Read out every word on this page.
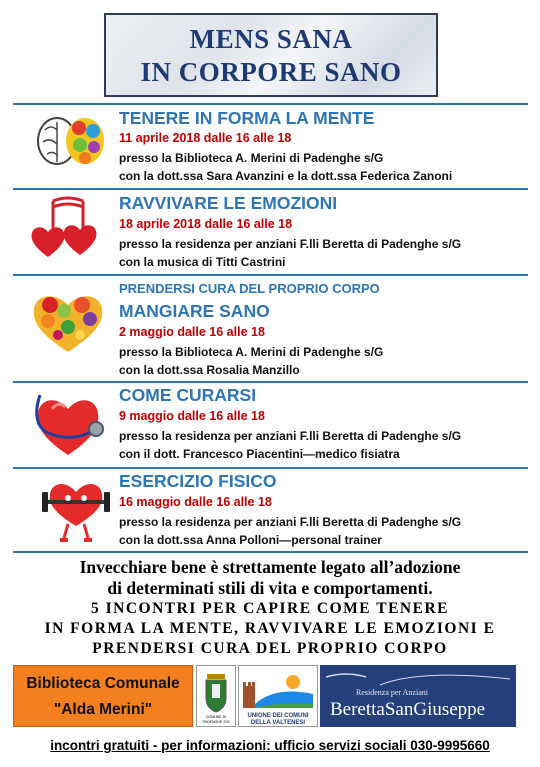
MENS SANA
IN CORPORE SANO
TENERE IN FORMA LA MENTE
11 aprile 2018 dalle 16 alle 18
presso la Biblioteca A. Merini di Padenghe s/G
con la dott.ssa Sara Avanzini e la dott.ssa Federica Zanoni
RAVVIVARE LE EMOZIONI
18 aprile 2018 dalle 16 alle 18
presso la residenza per anziani F.lli Beretta di Padenghe s/G
con la musica di Titti Castrini
PRENDERSI CURA DEL PROPRIO CORPO
MANGIARE SANO
2 maggio dalle 16 alle 18
presso la Biblioteca A. Merini di Padenghe s/G
con la dott.ssa Rosalia Manzillo
COME CURARSI
9 maggio dalle 16 alle 18
presso la residenza per anziani F.lli Beretta di Padenghe s/G
con il dott. Francesco Piacentini—medico fisiatra
ESERCIZIO FISICO
16 maggio dalle 16 alle 18
presso la residenza per anziani F.lli Beretta di Padenghe s/G
con la dott.ssa Anna Polloni—personal trainer
Invecchiare bene è strettamente legato all’adozione
di determinati stili di vita e comportamenti.
5 INCONTRI PER CAPIRE COME TENERE
IN FORMA LA MENTE, RAVVIVARE LE EMOZIONI E
PRENDERSI CURA DEL PROPRIO CORPO
Biblioteca Comunale
"Alda Merini"	COMUNE DI
PADENGHE S/G
UNIONE DEI COMUNI
DELLA VALTENESI
Residenza per Anziani
BerettaSanGiuseppe
incontri gratuiti - per informazioni: ufficio servizi sociali 030-9995660
